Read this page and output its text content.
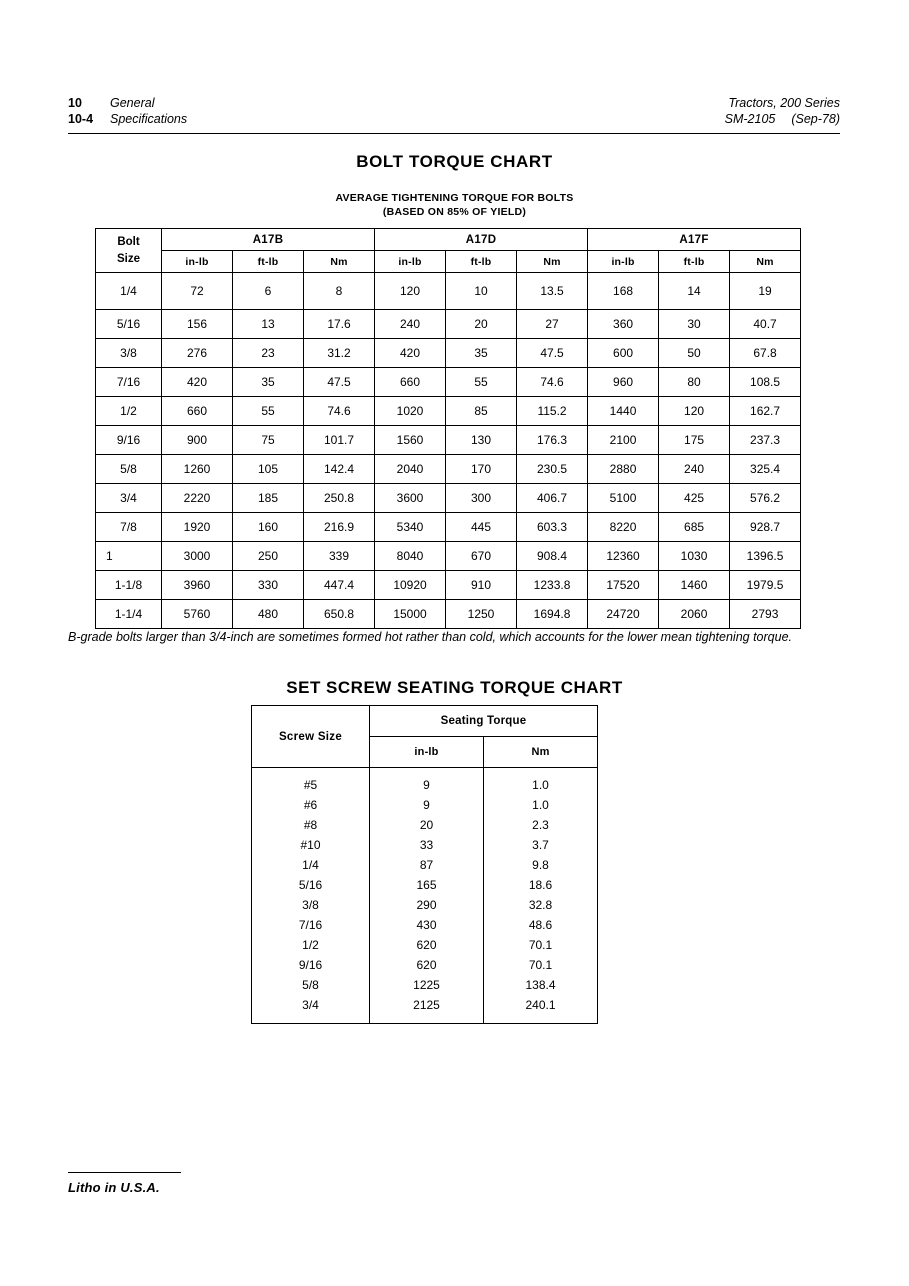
10	General
10-4	Specifications
Tractors, 200 Series
SM-2105 (Sep-78)
BOLT TORQUE CHART
AVERAGE TIGHTENING TORQUE FOR BOLTS
(BASED ON 85% OF YIELD)
Bolt
Size	A17B			A17D			A17F		
	in-lb	ft-lb	Nm	in-lb	ft-lb	Nm	in-lb	ft-lb	Nm
1/4	72	6	8	120	10	13.5	168	14	19
5/16	156	13	17.6	240	20	27	360	30	40.7
3/8	276	23	31.2	420	35	47.5	600	50	67.8
7/16	420	35	47.5	660	55	74.6	960	80	108.5
1/2	660	55	74.6	1020	85	115.2	1440	120	162.7
9/16	900	75	101.7	1560	130	176.3	2100	175	237.3
5/8	1260	105	142.4	2040	170	230.5	2880	240	325.4
3/4	2220	185	250.8	3600	300	406.7	5100	425	576.2
7/8	1920	160	216.9	5340	445	603.3	8220	685	928.7
1	3000	250	339	8040	670	908.4	12360	1030	1396.5
1-1/8	3960	330	447.4	10920	910	1233.8	17520	1460	1979.5
1-1/4	5760	480	650.8	15000	1250	1694.8	24720	2060	2793
B-grade bolts larger than 3/4-inch are sometimes formed hot rather than cold, which accounts for the lower mean tightening torque.
SET SCREW SEATING TORQUE CHART
Screw Size	Seating Torque	
	in-lb	Nm
#5	9	1.0
#6	9	1.0
#8	20	2.3
#10	33	3.7
1/4	87	9.8
5/16	165	18.6
3/8	290	32.8
7/16	430	48.6
1/2	620	70.1
9/16	620	70.1
5/8	1225	138.4
3/4	2125	240.1
Litho in U.S.A.
